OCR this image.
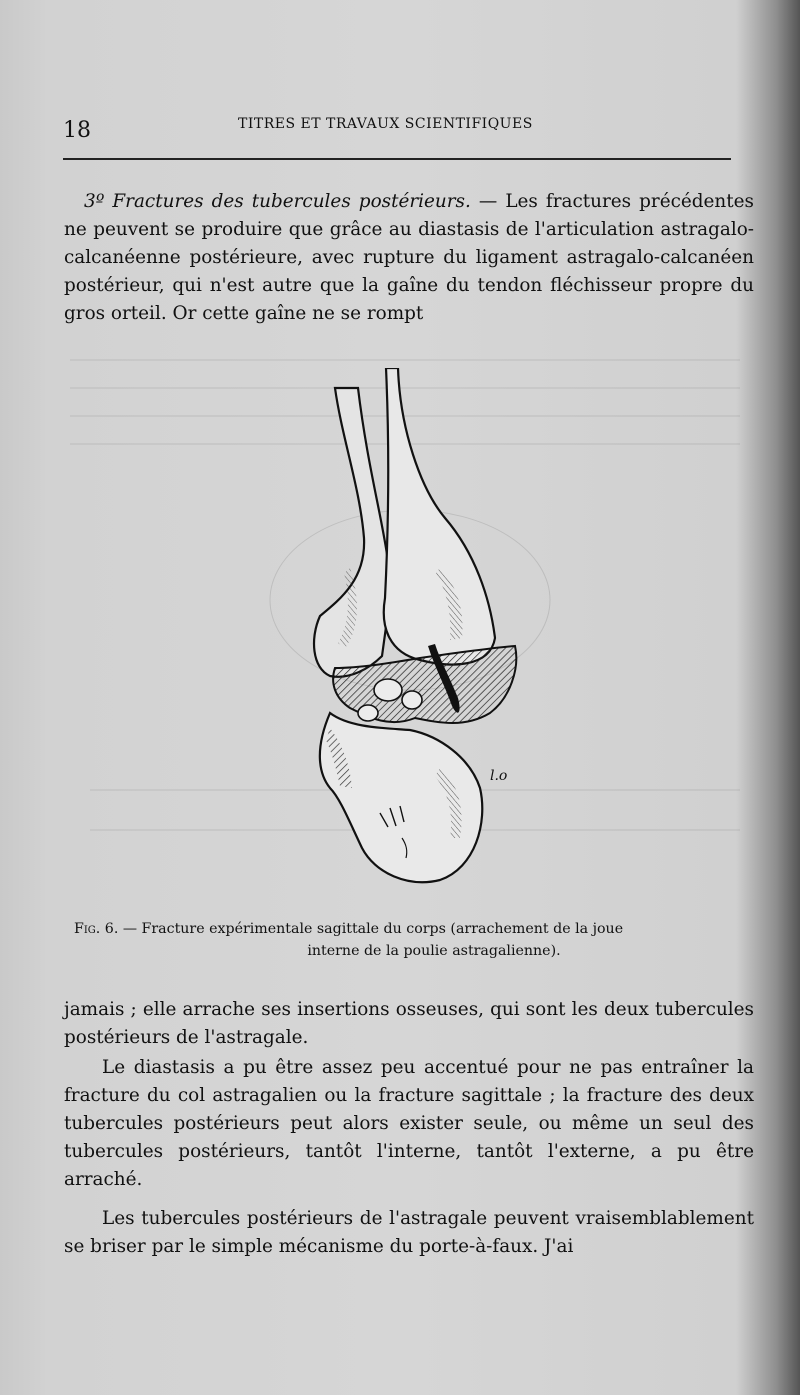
18	TITRES ET TRAVAUX SCIENTIFIQUES
3º Fractures des tubercules postérieurs. — Les fractures précédentes ne peuvent se produire que grâce au diastasis de l'articulation astragalo-calcanéenne postérieure, avec rupture du ligament astragalo-calcanéen postérieur, qui n'est autre que la gaîne du tendon fléchisseur propre du gros orteil. Or cette gaîne ne se rompt
l.o
Fig. 6. — Fracture expérimentale sagittale du corps (arrachement de la joue
interne de la poulie astragalienne).
jamais ; elle arrache ses insertions osseuses, qui sont les deux tubercules postérieurs de l'astragale.
Le diastasis a pu être assez peu accentué pour ne pas entraîner la fracture du col astragalien ou la fracture sagittale ; la fracture des deux tubercules postérieurs peut alors exister seule, ou même un seul des tubercules postérieurs, tantôt l'interne, tantôt l'externe, a pu être arraché.
Les tubercules postérieurs de l'astragale peuvent vraisemblablement se briser par le simple mécanisme du porte-à-faux. J'ai
